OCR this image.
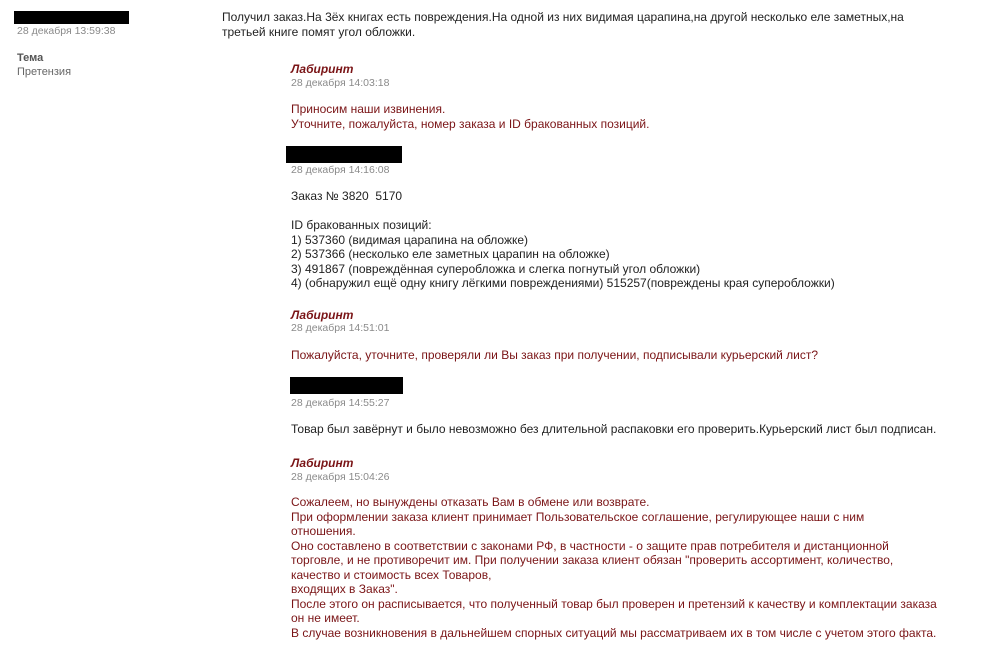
28 декабря 13:59:38
Тема
Претензия
Получил заказ.На 3ёх книгах есть повреждения.На одной из них видимая царапина,на другой несколько еле заметных,на
третьей книге помят угол обложки.
Лабиринт
28 декабря 14:03:18
Приносим наши извинения.
Уточните, пожалуйста, номер заказа и ID бракованных позиций.
28 декабря 14:16:08
Заказ № 3820  5170
ID бракованных позиций:
1) 537360 (видимая царапина на обложке)
2) 537366 (несколько еле заметных царапин на обложке)
3) 491867 (повреждённая суперобложка и слегка погнутый угол обложки)
4) (обнаружил ещё одну книгу лёгкими повреждениями) 515257(повреждены края суперобложки)
Лабиринт
28 декабря 14:51:01
Пожалуйста, уточните, проверяли ли Вы заказ при получении, подписывали курьерский лист?
28 декабря 14:55:27
Товар был завёрнут и было невозможно без длительной распаковки его проверить.Курьерский лист был подписан.
Лабиринт
28 декабря 15:04:26
Сожалеем, но вынуждены отказать Вам в обмене или возврате.
При оформлении заказа клиент принимает Пользовательское соглашение, регулирующее наши с ним
отношения.
Оно составлено в соответствии с законами РФ, в частности - о защите прав потребителя и дистанционной
торговле, и не противоречит им. При получении заказа клиент обязан "проверить ассортимент, количество,
качество и стоимость всех Товаров,
входящих в Заказ".
После этого он расписывается, что полученный товар был проверен и претензий к качеству и комплектации заказа
он не имеет.
В случае возникновения в дальнейшем спорных ситуаций мы рассматриваем их в том числе с учетом этого факта.
